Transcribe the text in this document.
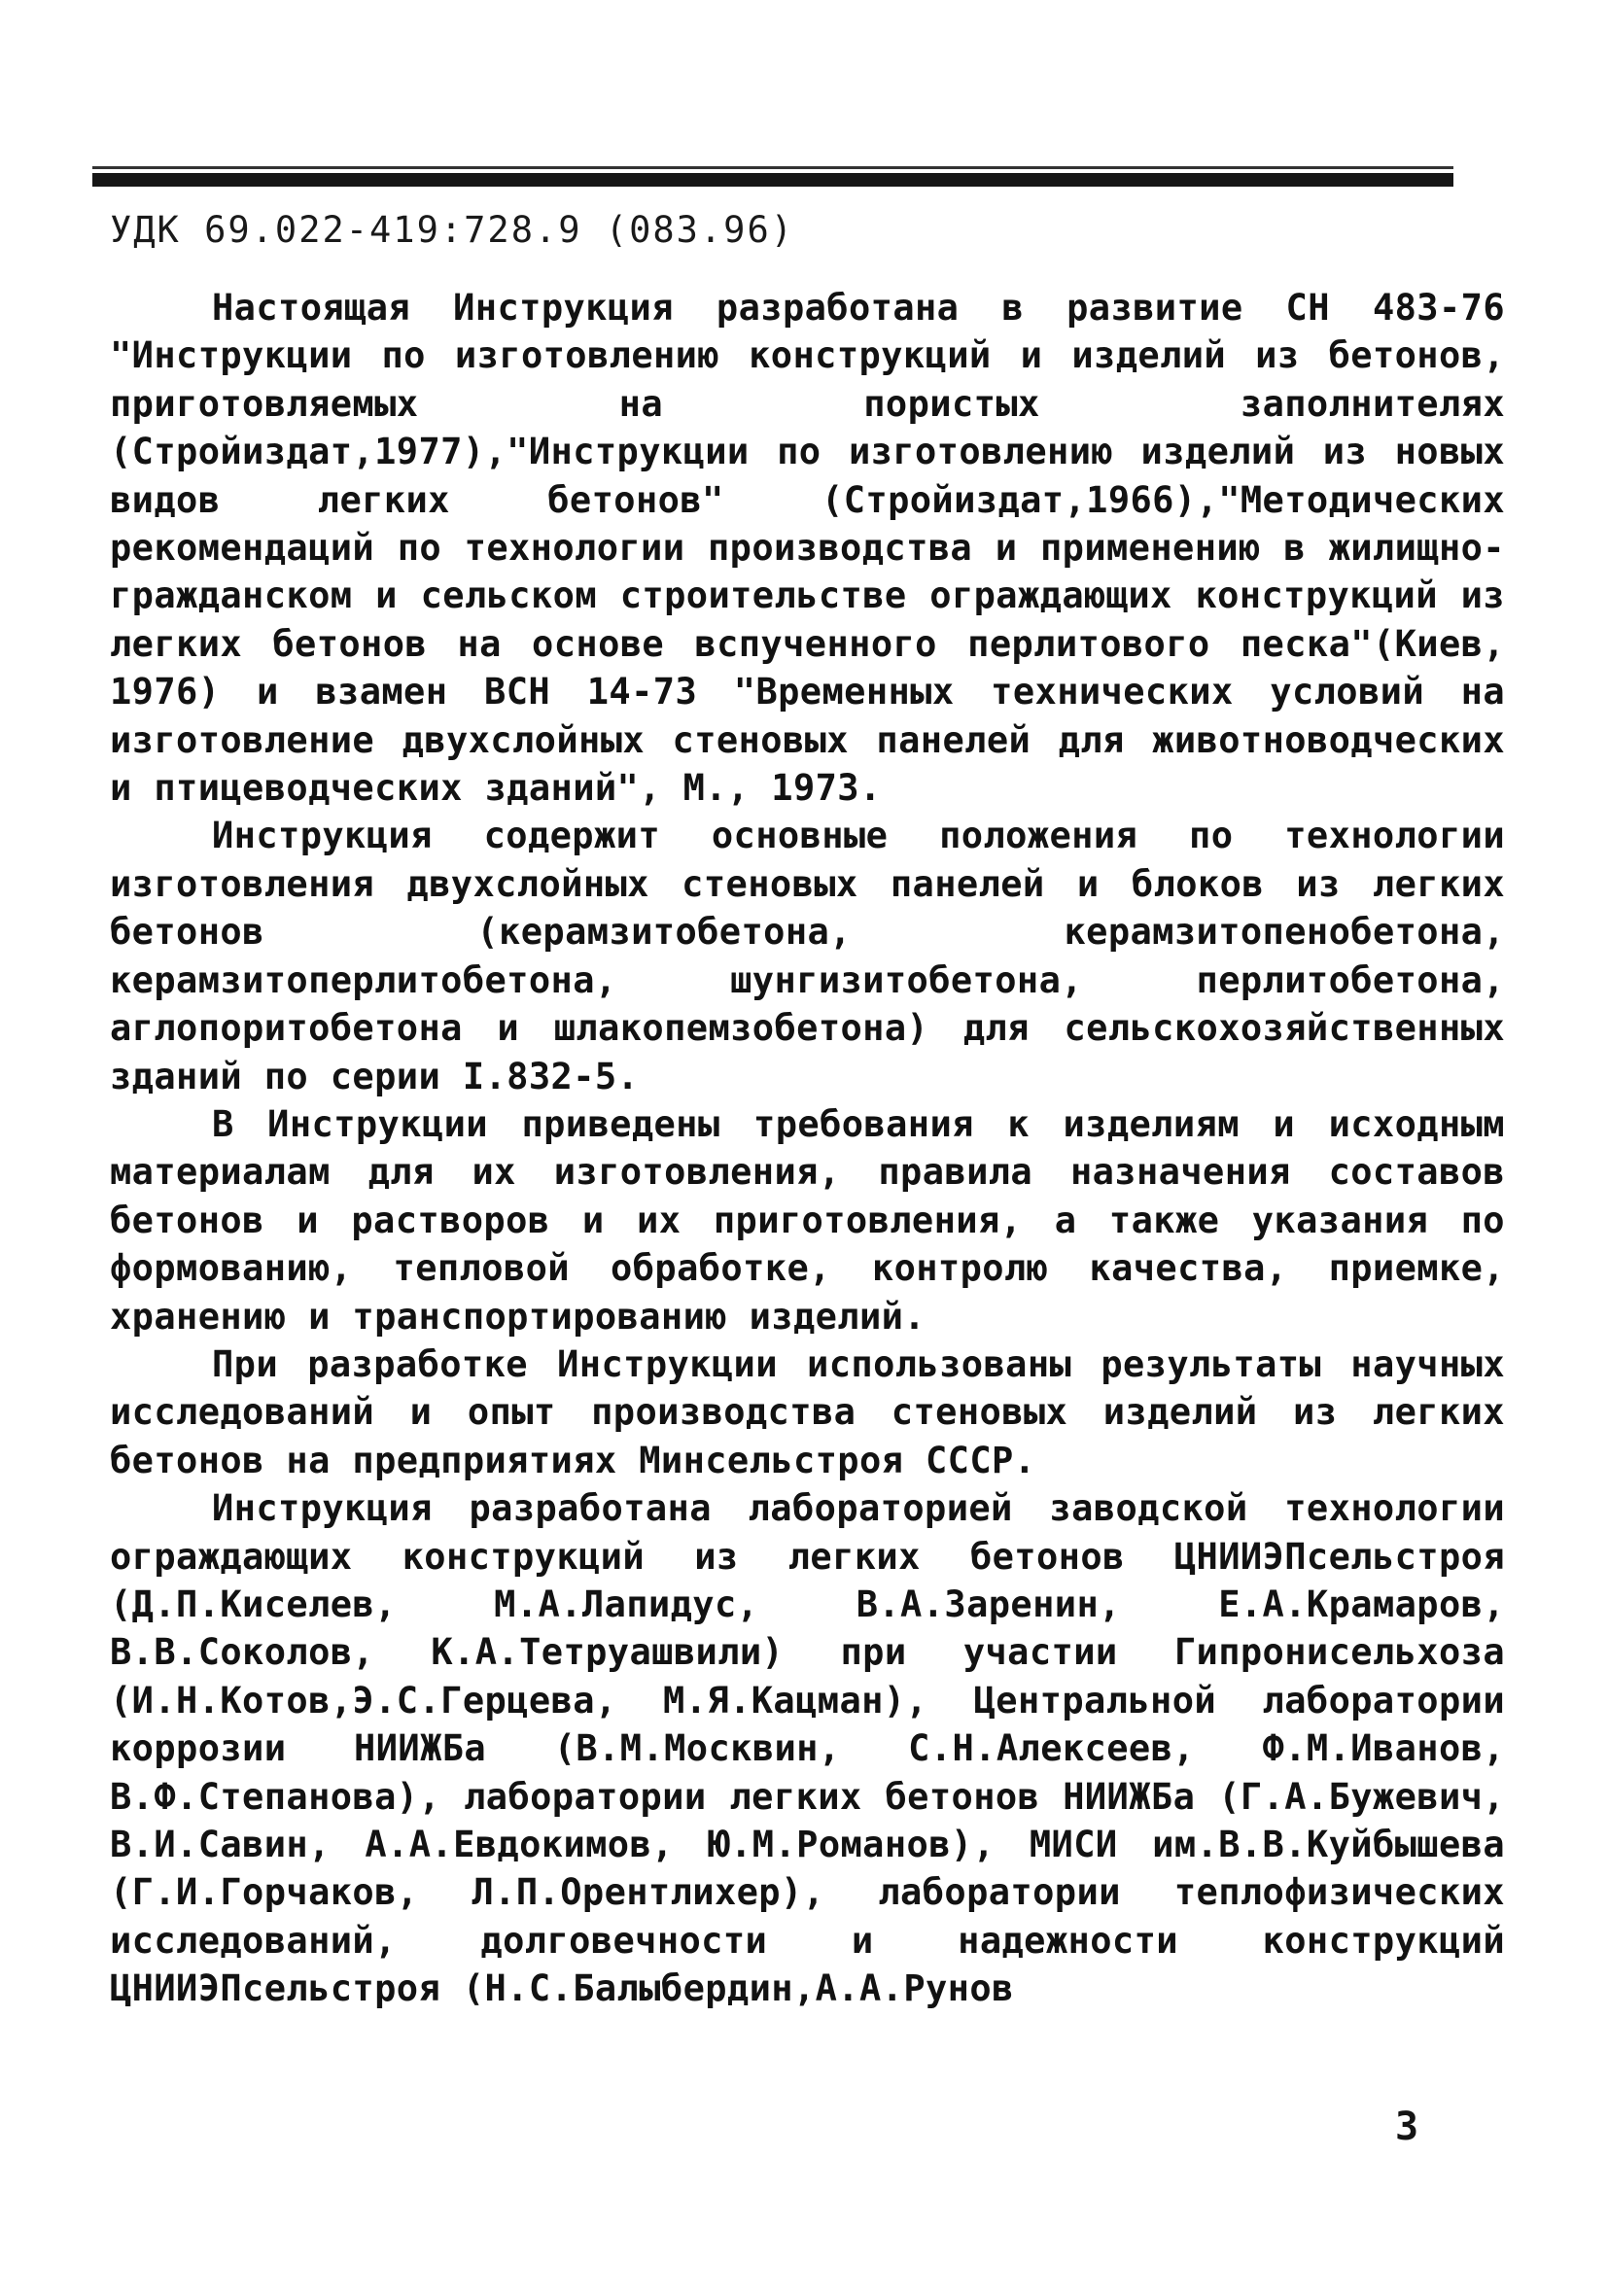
УДК 69.022-419:728.9 (083.96)

Настоящая Инструкция разработана в развитие СН 483-76 "Инструкции по изготовлению конструкций и изделий из бетонов, приготовляемых на пористых заполнителях (Стройиздат,1977),"Инструкции по изготовлению изделий из новых видов легких бетонов" (Стройиздат,1966),"Методических рекомендаций по технологии производства и применению в жилищно-гражданском и сельском строительстве ограждающих конструкций из легких бетонов на основе вспученного перлитового песка"(Киев, 1976) и взамен ВСН 14-73 "Временных технических условий на изготовление двухслойных стеновых панелей для животноводческих и птицеводческих зданий", М., 1973.

Инструкция содержит основные положения по технологии изготовления двухслойных стеновых панелей и блоков из легких бетонов (керамзитобетона, керамзитопенобетона, керамзитоперлитобетона, шунгизитобетона, перлитобетона, аглопоритобетона и шлакопемзобетона) для сельскохозяйственных зданий по серии I.832-5.

В Инструкции приведены требования к изделиям и исходным материалам для их изготовления, правила назначения составов бетонов и растворов и их приготовления, а также указания по формованию, тепловой обработке, контролю качества, приемке, хранению и транспортированию изделий.

При разработке Инструкции использованы результаты научных исследований и опыт производства стеновых изделий из легких бетонов на предприятиях Минсельстроя СССР.

Инструкция разработана лабораторией заводской технологии ограждающих конструкций из легких бетонов ЦНИИЭПсельстроя (Д.П.Киселев, М.А.Лапидус, В.А.Заренин, Е.А.Крамаров, В.В.Соколов, К.А.Тетруашвили) при участии Гипронисельхоза (И.Н.Котов,Э.С.Герцева, М.Я.Кацман), Центральной лаборатории коррозии НИИЖБа (В.М.Москвин, С.Н.Алексеев, Ф.М.Иванов, В.Ф.Степанова), лаборатории легких бетонов НИИЖБа (Г.А.Бужевич, В.И.Савин, А.А.Евдокимов, Ю.М.Романов), МИСИ им.В.В.Куйбышева (Г.И.Горчаков, Л.П.Орентлихер), лаборатории теплофизических исследований, долговечности и надежности конструкций ЦНИИЭПсельстроя (Н.С.Балыбердин,А.А.Рунов

3
